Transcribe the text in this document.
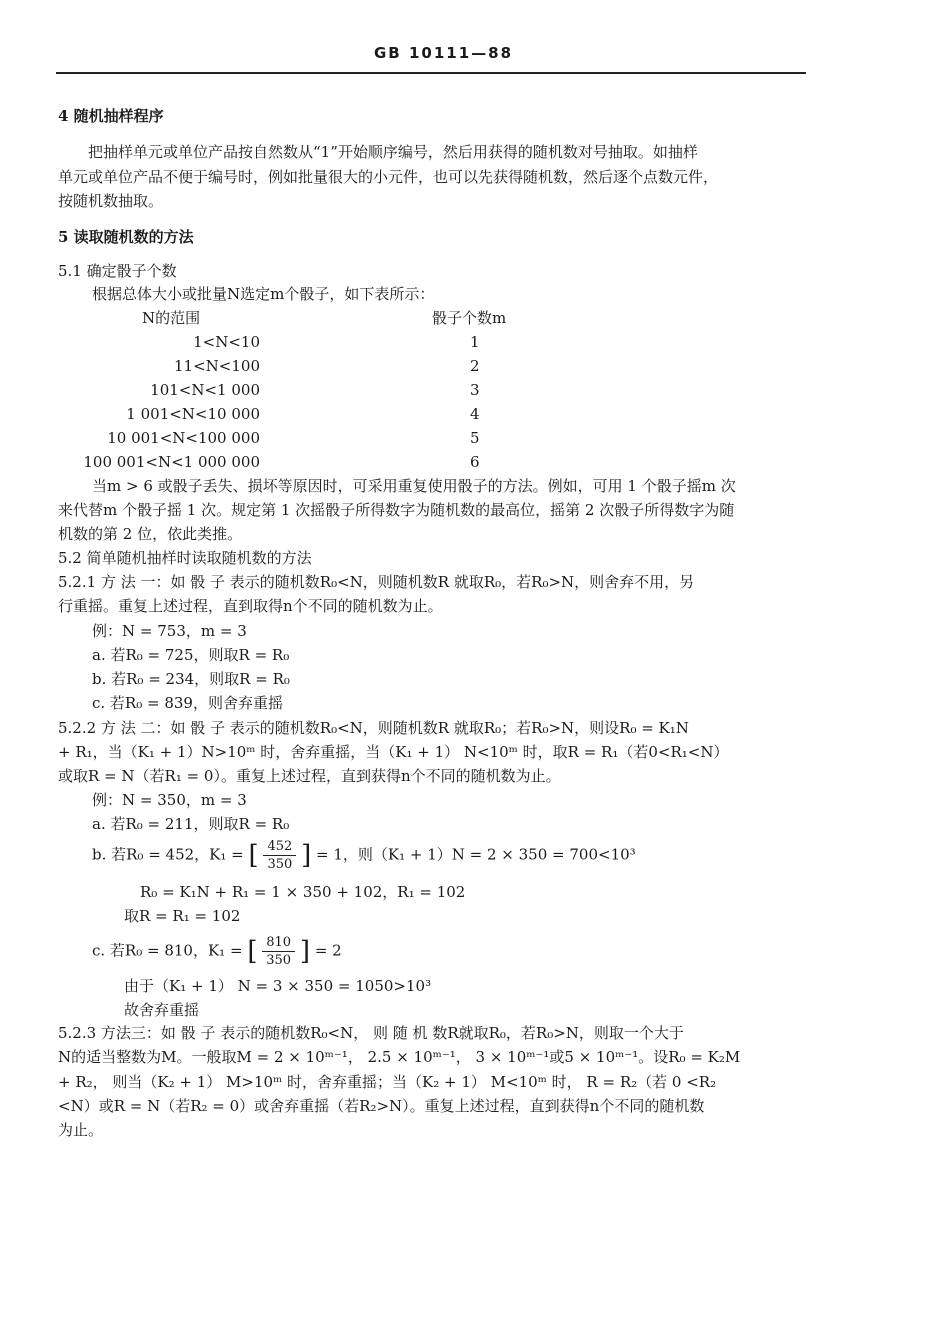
GB 10111—88
4 随机抽样程序
把抽样单元或单位产品按自然数从“1”开始顺序编号，然后用获得的随机数对号抽取。如抽样
单元或单位产品不便于编号时，例如批量很大的小元件，也可以先获得随机数，然后逐个点数元件，
按随机数抽取。
5 读取随机数的方法
5.1 确定骰子个数
根据总体大小或批量N选定m个骰子，如下表所示：
N的范围	骰子个数m
1<N<10	1
11<N<100	2
101<N<1 000	3
1 001<N<10 000	4
10 001<N<100 000	5
100 001<N<1 000 000	6
当m > 6 或骰子丢失、损坏等原因时，可采用重复使用骰子的方法。例如，可用 1 个骰子摇m 次
来代替m 个骰子摇 1 次。规定第 1 次摇骰子所得数字为随机数的最高位，摇第 2 次骰子所得数字为随
机数的第 2 位，依此类推。
5.2 简单随机抽样时读取随机数的方法
5.2.1 方 法 一：如 骰 子 表示的随机数R₀<N，则随机数R 就取R₀，若R₀>N，则舍弃不用，另
行重摇。重复上述过程，直到取得n个不同的随机数为止。
例：N = 753，m = 3
a. 若R₀ = 725，则取R = R₀
b. 若R₀ = 234，则取R = R₀
c. 若R₀ = 839，则舍弃重摇
5.2.2 方 法 二：如 骰 子 表示的随机数R₀<N，则随机数R 就取R₀；若R₀>N，则设R₀ = K₁N
+ R₁，当（K₁ + 1）N>10ᵐ 时，舍弃重摇，当（K₁ + 1） N<10ᵐ 时，取R = R₁（若0<R₁<N）
或取R = N（若R₁ = 0）。重复上述过程，直到获得n个不同的随机数为止。
例：N = 350，m = 3
a. 若R₀ = 211，则取R = R₀
b. 若R₀ = 452，K₁ = [ $\frac{452}{350}$ ] = 1，则（K₁ + 1）N = 2 × 350 = 700<10³
R₀ = K₁N + R₁ = 1 × 350 + 102，R₁ = 102
取R = R₁ = 102
c. 若R₀ = 810，K₁ = [ $\frac{810}{350}$ ] = 2
由于（K₁ + 1） N = 3 × 350 = 1050>10³
故舍弃重摇
5.2.3 方法三：如 骰 子 表示的随机数R₀<N， 则 随 机 数R就取R₀，若R₀>N，则取一个大于
N的适当整数为M。一般取M = 2 × 10ᵐ⁻¹， 2.5 × 10ᵐ⁻¹， 3 × 10ᵐ⁻¹或5 × 10ᵐ⁻¹。设R₀ = K₂M
+ R₂， 则当（K₂ + 1） M>10ᵐ 时，舍弃重摇；当（K₂ + 1） M<10ᵐ 时， R = R₂（若 0 <R₂
<N）或R = N（若R₂ = 0）或舍弃重摇（若R₂>N）。重复上述过程，直到获得n个不同的随机数
为止。
